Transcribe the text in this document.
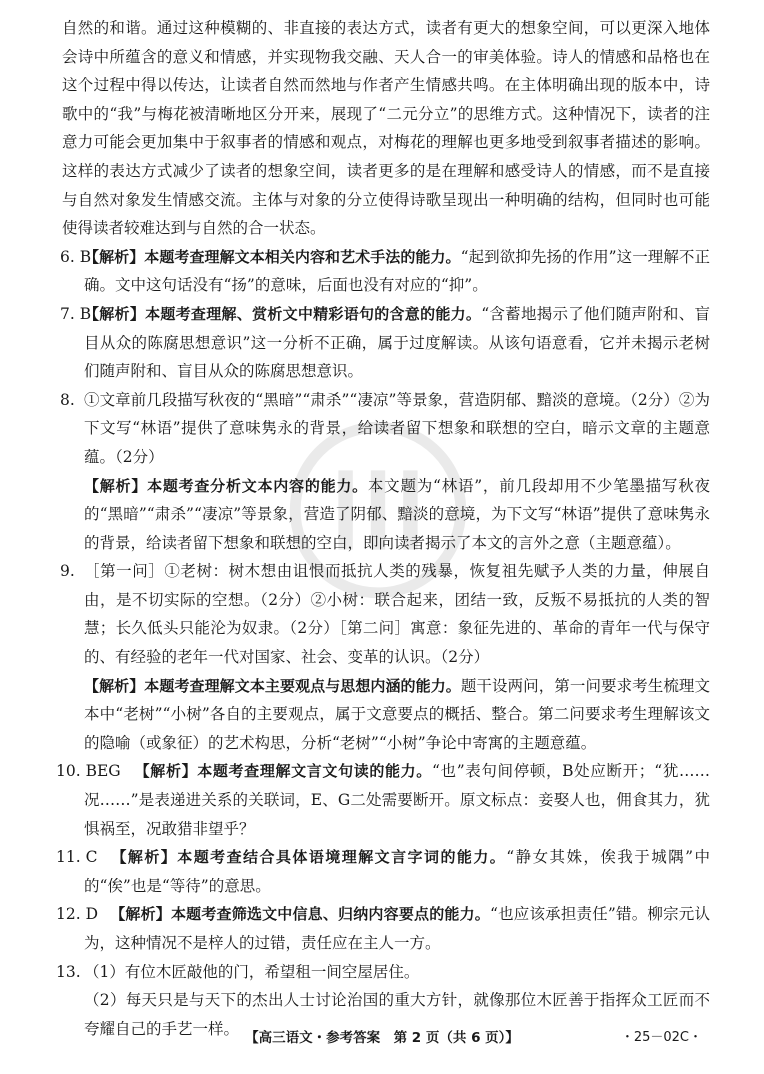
自然的和谐。通过这种模糊的、非直接的表达方式，读者有更大的想象空间，可以更深入地体会诗中所蕴含的意义和情感，并实现物我交融、天人合一的审美体验。诗人的情感和品格也在这个过程中得以传达，让读者自然而然地与作者产生情感共鸣。在主体明确出现的版本中，诗歌中的“我”与梅花被清晰地区分开来，展现了“二元分立”的思维方式。这种情况下，读者的注意力可能会更加集中于叙事者的情感和观点，对梅花的理解也更多地受到叙事者描述的影响。这样的表达方式减少了读者的想象空间，读者更多的是在理解和感受诗人的情感，而不是直接与自然对象发生情感交流。主体与对象的分立使得诗歌呈现出一种明确的结构，但同时也可能使得读者较难达到与自然的合一状态。

6. B
【解析】本题考查理解文本相关内容和艺术手法的能力。“起到欲抑先扬的作用”这一理解不正确。文中这句话没有“扬”的意味，后面也没有对应的“抑”。
7. B
【解析】本题考查理解、赏析文中精彩语句的含意的能力。“含蓄地揭示了他们随声附和、盲目从众的陈腐思想意识”这一分析不正确，属于过度解读。从该句语意看，它并未揭示老树们随声附和、盲目从众的陈腐思想意识。
8. ①文章前几段描写秋夜的“黑暗”“肃杀”“凄凉”等景象，营造阴郁、黯淡的意境。（2分）②为下文写“林语”提供了意味隽永的背景，给读者留下想象和联想的空白，暗示文章的主题意蕴。（2分）
【解析】本题考查分析文本内容的能力。本文题为“林语”，前几段却用不少笔墨描写秋夜的“黑暗”“肃杀”“凄凉”等景象，营造了阴郁、黯淡的意境，为下文写“林语”提供了意味隽永的背景，给读者留下想象和联想的空白，即向读者揭示了本文的言外之意（主题意蕴）。
9. ［第一问］①老树：树木想由诅恨而抵抗人类的残暴，恢复祖先赋予人类的力量，伸展自由，是不切实际的空想。（2分）②小树：联合起来，团结一致，反叛不易抵抗的人类的智慧；长久低头只能沦为奴隶。（2分）［第二问］寓意：象征先进的、革命的青年一代与保守的、有经验的老年一代对国家、社会、变革的认识。（2分）
【解析】本题考查理解文本主要观点与思想内涵的能力。题干设两问，第一问要求考生梳理文本中“老树”“小树”各自的主要观点，属于文意要点的概括、整合。第二问要求考生理解该文的隐喻（或象征）的艺术构思，分析“老树”“小树”争论中寄寓的主题意蕴。
10. BEG 【解析】本题考查理解文言文句读的能力。“也”表句间停顿，B处应断开；“犹……况……”是表递进关系的关联词，E、G二处需要断开。原文标点：妾娶人也，佣食其力，犹惧祸至，况敢猎非望乎？
11. C 【解析】本题考查结合具体语境理解文言字词的能力。“静女其姝，俟我于城隅”中的“俟”也是“等待”的意思。
12. D 【解析】本题考查筛选文中信息、归纳内容要点的能力。“也应该承担责任”错。柳宗元认为，这种情况不是梓人的过错，责任应在主人一方。
13. （1）有位木匠敲他的门，希望租一间空屋居住。
（2）每天只是与天下的杰出人士讨论治国的重大方针，就像那位木匠善于指挥众工匠而不夸耀自己的手艺一样。
【高三语文・参考答案　第 2 页（共 6 页）】	・25－02C・
